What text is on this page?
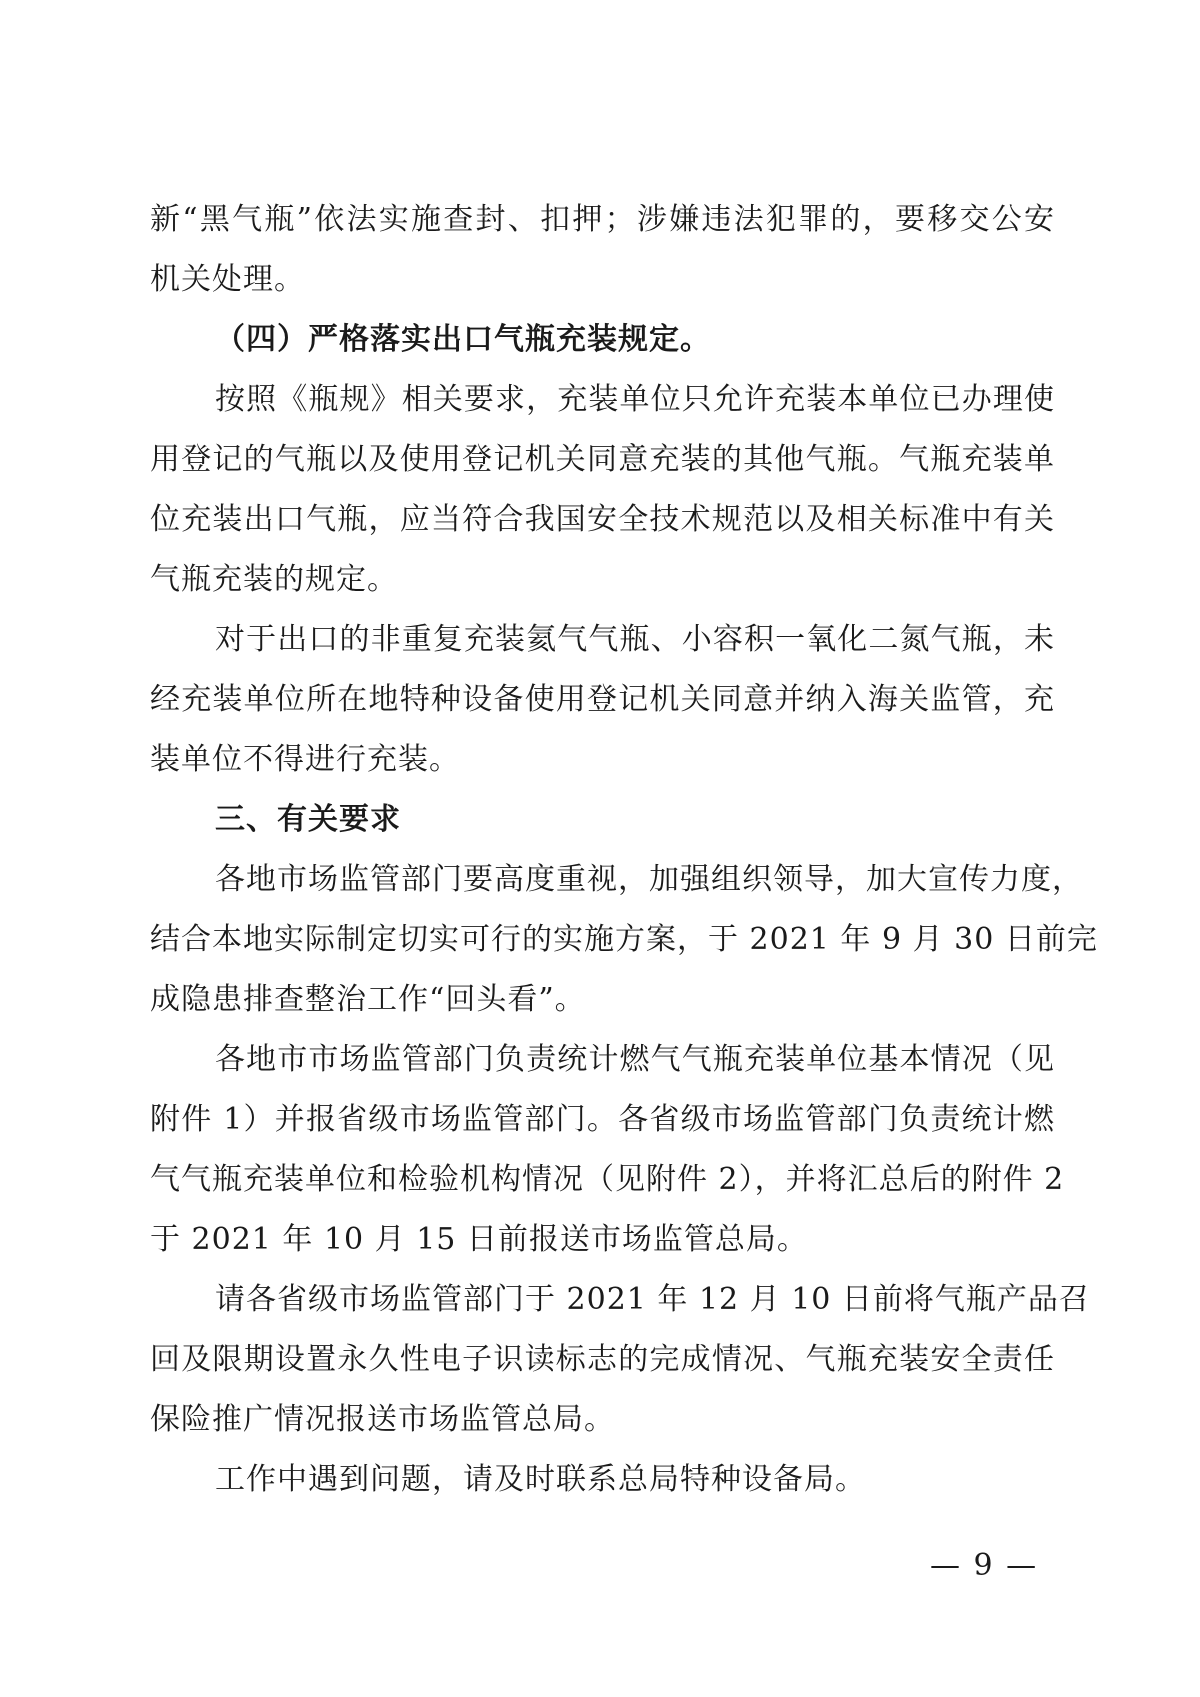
新“黑气瓶”依法实施查封、扣押；涉嫌违法犯罪的，要移交公安
机关处理。
（四）严格落实出口气瓶充装规定。
按照《瓶规》相关要求，充装单位只允许充装本单位已办理使
用登记的气瓶以及使用登记机关同意充装的其他气瓶。气瓶充装单
位充装出口气瓶，应当符合我国安全技术规范以及相关标准中有关
气瓶充装的规定。
对于出口的非重复充装氦气气瓶、小容积一氧化二氮气瓶，未
经充装单位所在地特种设备使用登记机关同意并纳入海关监管，充
装单位不得进行充装。
三、有关要求
各地市场监管部门要高度重视，加强组织领导，加大宣传力度，
结合本地实际制定切实可行的实施方案，于 2021 年 9 月 30 日前完
成隐患排查整治工作“回头看”。
各地市市场监管部门负责统计燃气气瓶充装单位基本情况（见
附件 1）并报省级市场监管部门。各省级市场监管部门负责统计燃
气气瓶充装单位和检验机构情况（见附件 2），并将汇总后的附件 2
于 2021 年 10 月 15 日前报送市场监管总局。
请各省级市场监管部门于 2021 年 12 月 10 日前将气瓶产品召
回及限期设置永久性电子识读标志的完成情况、气瓶充装安全责任
保险推广情况报送市场监管总局。
工作中遇到问题，请及时联系总局特种设备局。
— 9 —
